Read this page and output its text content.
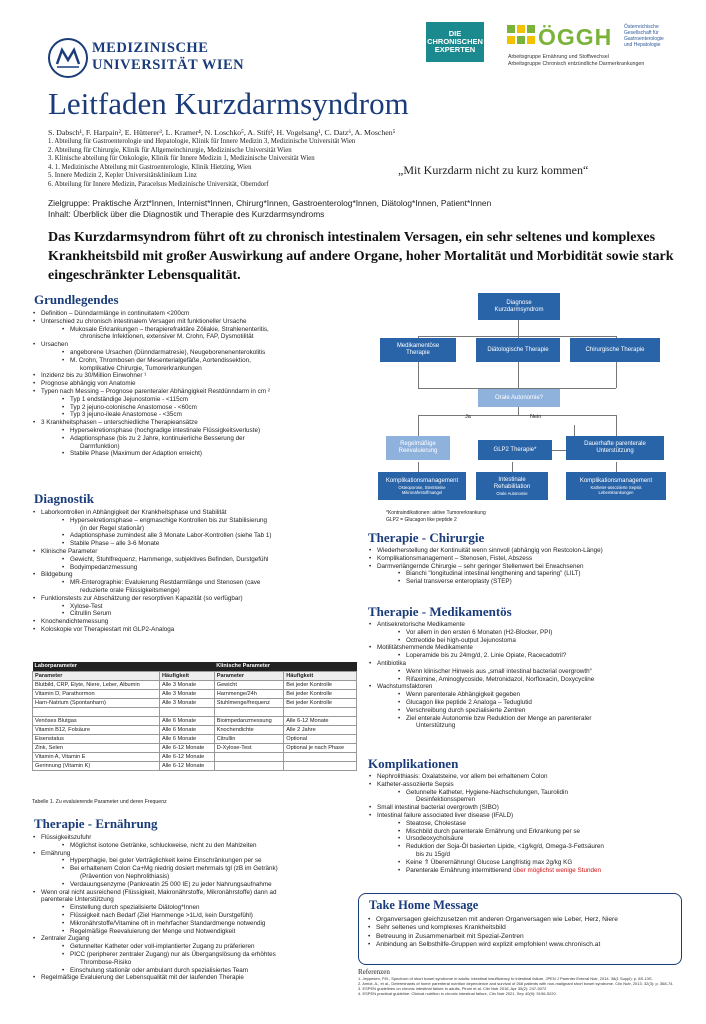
MEDIZINISCHE
UNIVERSITÄT WIEN
DIE
CHRONISCHEN
EXPERTEN	ÖGGH Österreichische
Gesellschaft für
Gastroenterologie
und Hepatologie
Arbeitsgruppe Ernährung und Stoffwechsel
Arbeitsgruppe Chronisch entzündliche Darmerkrankungen
Leitfaden Kurzdarmsyndrom
S. Dabsch¹, F. Harpain², E. Hütterer³, L. Kramer⁴, N. Loschko⁵, A. Stift², H. Vogelsang¹, C. Datz⁶, A. Moschen⁵
1. Abteilung für Gastroenterologie und Hepatologie, Klinik für Innere Medizin 3, Medizinische Universität Wien
2. Abteilung für Chirurgie, Klinik für Allgemeinchirurgie, Medizinische Universität Wien
3. Klinische abteilung für Onkologie, Klinik für Innere Medizin 1, Medizinische Universität Wien
4. 1. Medizinische Abteilung mit Gastroenterologie, Klinik Hietzing, Wien
5. Innere Medizin 2, Kepler Universitätsklinikum Linz
6. Abteilung für Innere Medizin, Paracelsus Medizinische Universität, Oberndorf
„Mit Kurzdarm nicht zu kurz kommen“
Zielgruppe: Praktische Ärzt*Innen, Internist*Innen, Chirurg*Innen, Gastroenterolog*Innen, Diätolog*Innen, Patient*Innen
Inhalt: Überblick über die Diagnostik und Therapie des Kurzdarmsyndroms
Das Kurzdarmsyndrom führt oft zu chronisch intestinalem Versagen, ein sehr seltenes und komplexes Krankheitsbild mit großer Auswirkung auf andere Organe, hoher Mortalität und Morbidität sowie stark eingeschränkter Lebensqualität.
Grundlegendes
• Definition – Dünndarmlänge in continuitatem <200cm
• Unterschied zu chronisch intestinalem Versagen mit funktioneller Ursache
• Mukosale Erkrankungen – therapierefraktäre Zöliakie, Strahlenenteritis,
chronische Infektionen, extensiver M. Crohn, FAP, Dysmotilität
• Ursachen
• angeborene Ursachen (Dünndarmatresie), Neugeborenenenterokolitis
• M. Crohn, Thrombosen der Mesenterialgefäße, Aortendissektion,
komplikative Chirurgie, Tumorerkrankungen
• Inzidenz bis zu 30/Million Einwohner ¹
• Prognose abhängig von Anatomie
• Typen nach Messing – Prognose parenteraler Abhängigkeit Restdünndarm in cm ²
• Typ 1 endständige Jejunostomie - <115cm
• Typ 2 jejuno-colonische Anastomose - <60cm
• Typ 3 jejuno-ileale Anastomose - <35cm
• 3 Krankheitsphasen – unterschiedliche Therapieansätze
• Hypersekretionsphase (hochgradige intestinale Flüssigkeitsverluste)
• Adaptionsphase (bis zu 2 Jahre, kontinuierliche Besserung der
Darmfunktion)
• Stabile Phase (Maximum der Adaption erreicht)
Diagnostik
• Laborkontrollen in Abhängigkeit der Krankheitsphase und Stabilität
• Hypersekretionsphase – engmaschige Kontrollen bis zur Stabilisierung
(in der Regel stationär)
• Adaptionsphase zumindest alle 3 Monate Labor-Kontrollen (siehe Tab 1)
• Stabile Phase – alle 3-6 Monate
• Klinische Parameter
• Gewicht, Stuhlfrequenz, Harnmenge, subjektives Befinden, Durstgefühl
• Bodyimpedanzmessung
• Bildgebung
• MR-Enterographie: Evaluierung Restdarmlänge und Stenosen (cave
reduzierte orale Flüssigkeitsmenge)
• Funktionstests zur Abschätzung der resorptiven Kapazität (so verfügbar)
• Xylose-Test
• Citrullin Serum
• Knochendichtemessung
• Koloskopie vor Therapiestart mit GLP2-Analoga
Laborparameter		Klinische Parameter	
Parameter	Häufigkeit	Parameter	Häufigkeit
Blutbild, CRP, Elyte, Niere, Leber, Albumin	Alle 3 Monate	Gewicht	Bei jeder Kontrolle
Vitamin D, Parathormon	Alle 3 Monate	Harnmenge/24h	Bei jeder Kontrolle
Harn-Natrium (Spontanharn)	Alle 3 Monate	Stuhlmenge/frequenz	Bei jeder Kontrolle

Venöses Blutgas	Alle 6 Monate	Bioimpedanzmessung	Alle 6-12 Monate
Vitamin B12, Folsäure	Alle 6 Monate	Knochendichte	Alle 2 Jahre
Eisenstatus	Alle 6 Monate	Citrullin	Optional
Zink, Selen	Alle 6-12 Monate	D-Xylose-Test	Optional je nach Phase
Vitamin A, Vitamin E	Alle 6-12 Monate		
Gerinnung (Vitamin K)	Alle 6-12 Monate		
Tabelle 1. Zu evaluierende Parameter und deren Frequenz
Therapie - Ernährung
• Flüssigkeitszufuhr
• Möglichst isotone Getränke, schluckweise, nicht zu den Mahlzeiten
• Ernährung
• Hyperphagie, bei guter Verträglichkeit keine Einschränkungen per se
• Bei erhaltenem Colon Ca+Mg niedrig dosiert mehrmals tgl (zB im Getränk)
(Prävention von Nephrolithiasis)
• Verdauungsenzyme (Pankreatin 25 000 IE) zu jeder Nahrungsaufnahme
• Wenn oral nicht ausreichend (Flüssigkeit, Makronährstoffe, Mikronährstoffe) dann ad
parenterale Unterstützung
• Einstellung durch spezialisierte Diätolog*Innen
• Flüssigkeit nach Bedarf (Ziel Harnmenge >1L/d, kein Durstgefühl)
• Mikronährstoffe/Vitamine oft in mehrfacher Standardmenge notwendig
• Regelmäßige Reevaluierung der Menge und Notwendigkeit
• Zentraler Zugang
• Getunnelter Katheter oder voll-implantierter Zugang zu präferieren
• PICC (peripherer zentraler Zugang) nur als Übergangslösung da erhöhtes
Thrombose-Risiko
• Einschulung stationär oder ambulant durch spezialisiertes Team
• Regelmäßige Evaluierung der Lebensqualität mit der laufenden Therapie
Diagnose
Kurzdarmsyndrom
Medikamentöse
Therapie
Diätologische Therapie	Chirurgische Therapie
Orale Autonomie?
Ja	Nein
Regelmäßige
Reevaluierung	GLP2 Therapie*
Dauerhafte parenterale
Unterstützung
Komplikationsmanagement
Osteoporose, Stentsteine
Mikronährstoffmangel
Intestinale
Rehabilitation
Orale Autonomie
Komplikationsmanagement
Katheter-assoziierte Sepsis
Leberekrankungen
*Kontraindikationen: aktive Tumorerkrankung
GLP2 = Glucagon like peptide 2
Therapie - Chirurgie
• Wiederherstellung der Kontinuität wenn sinnvoll (abhängig von Restcolon-Länge)
• Komplikationsmanagement – Stenosen, Fistel, Abszess
• Darmverlängernde Chirurgie – sehr geringer Stellenwert bei Erwachsenen
• Bianchi "longitudinal intestinal lengthening and tapering" (LILT)
• Serial transverse enteroplasty (STEP)
Therapie - Medikamentös
• Antisekretorische Medikamente
• Vor allem in den ersten 6 Monaten (H2-Blocker, PPI)
• Octreotide bei high-output Jejunostoma
• Motilitätshemmende Medikamente
• Loperamide bis zu 24mg/d, 2. Linie Opiate, Racecadotril?
• Antibiotika
• Wenn klinischer Hinweis aus „small intestinal bacterial overgrowth“
• Rifaximine, Aminoglycoside, Metronidazol, Norfloxacin, Doxycycline
• Wachstumsfaktoren
• Wenn parenterale Abhängigkeit gegeben
• Glucagon like peptide 2 Analoga – Teduglutid
• Verschreibung durch spezialisierte Zentren
• Ziel enterale Autonomie bzw Reduktion der Menge an parenteraler
Unterstützung
Komplikationen
• Nephrolithiasis: Oxalatsteine, vor allem bei erhaltenem Colon
• Katheter-assoziierte Sepsis
• Getunnelte Katheter, Hygiene-Nachschulungen, Taurolidin
Desinfektionssperren
• Small intestinal bacterial overgrowth (SIBO)
• Intestinal failure associated liver disease (IFALD)
• Steatose, Cholestase
• Mischbild durch parenterale Ernährung und Erkrankung per se
• Ursodeoxycholsäure
• Reduktion der Soja-Öl basierten Lipide, <1g/kg/d, Omega-3-Fettsäuren
bis zu 15g/d
• Keine ⇑ Überernährung! Glucose Langfristig max 2g/kg KG
• Parenterale Ernährung intermittierend über möglichst wenige Stunden
Take Home Message
• Organversagen gleichzusetzen mit anderen Organversagen wie Leber, Herz, Niere
• Sehr seltenes und komplexes Krankheitsbild
• Betreuung in Zusammenarbeit mit Spezial-Zentren
• Anbindung an Selbsthilfe-Gruppen wird explizit empfohlen! www.chronisch.at
Referenzen
1. Jeppesen, P.B., Spectrum of short bowel syndrome in adults: intestinal insufficiency to intestinal failure. JPEN J Parenter Enteral Nutr, 2014. 38(1 Suppl): p. 8S-13S.
2. Amiot, A., et al., Determinants of home parenteral nutrition dependence and survival of 268 patients with non-malignant short bowel syndrome. Clin Nutr, 2013. 32(3): p. 368-74.
3. ESPEN guidelines on chronic intestinal failure in adults, Pironi et al. Clin Nutr 2016, Apr 35(2): 247-3072
4. ESPEN practical guideline: Clinical nutrition in chronic intestinal failure, Clin Nutr 2021, Sep 40(9): 5196-5220.
